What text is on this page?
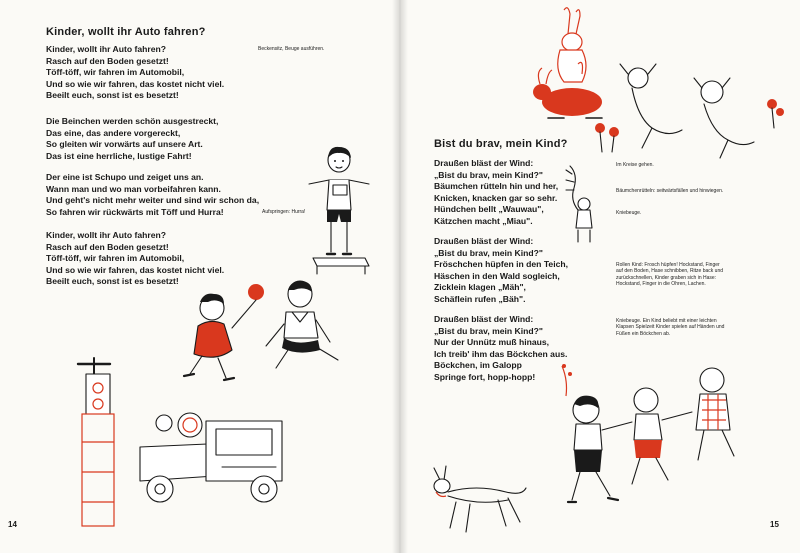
Kinder, wollt ihr Auto fahren?
Kinder, wollt ihr Auto fahren?
Rasch auf den Boden gesetzt!
Töff-töff, wir fahren im Automobil,
Und so wie wir fahren, das kostet nicht viel.
Beeilt euch, sonst ist es besetzt!
Beckensitz, Beuge ausführen.
Die Beinchen werden schön ausgestreckt,
Das eine, das andere vorgereckt,
So gleiten wir vorwärts auf unsere Art.
Das ist eine herrliche, lustige Fahrt!
Der eine ist Schupo und zeiget uns an.
Wann man und wo man vorbeifahren kann.
Und geht's nicht mehr weiter und sind wir schon da,
So fahren wir rückwärts mit Töff und Hurra!	Aufspringen: Hurra!
Kinder, wollt ihr Auto fahren?
Rasch auf den Boden gesetzt!
Töff-töff, wir fahren im Automobil,
Und so wie wir fahren, das kostet nicht viel.
Beeilt euch, sonst ist es besetzt!
14
Bist du brav, mein Kind?
Draußen bläst der Wind:
„Bist du brav, mein Kind?"
Bäumchen rütteln hin und her,
Knicken, knacken gar so sehr.
Hündchen bellt „Wauwau",
Kätzchen macht „Miau".
Draußen bläst der Wind:
„Bist du brav, mein Kind?"
Fröschchen hüpfen in den Teich,
Häschen in den Wald sogleich,
Zicklein klagen „Mäh",
Schäflein rufen „Bäh".
Draußen bläst der Wind:
„Bist du brav, mein Kind?"
Nur der Unnütz muß hinaus,
Ich treib' ihm das Böckchen aus.
Böckchen, im Galopp
Springe fort, hopp-hopp!
Im Kreise gehen.
Bäumchenrütteln: seitwärtsfällen und hinwiegen.
Kniebeuge.
Rollen Kind: Frosch hüpfen! Hockstand, Finger auf den Boden, Hase schnibben, Ritze back und zurückschnellen, Kinder graben sich in Hase: Hockstand, Finger in die Ohren, Lachen.
Kniebeuge. Ein Kind beliebt mit einer leichten Klapsen Spielzeit Kinder spielen auf Händen und Füßen ein Böckchen ab.
15
